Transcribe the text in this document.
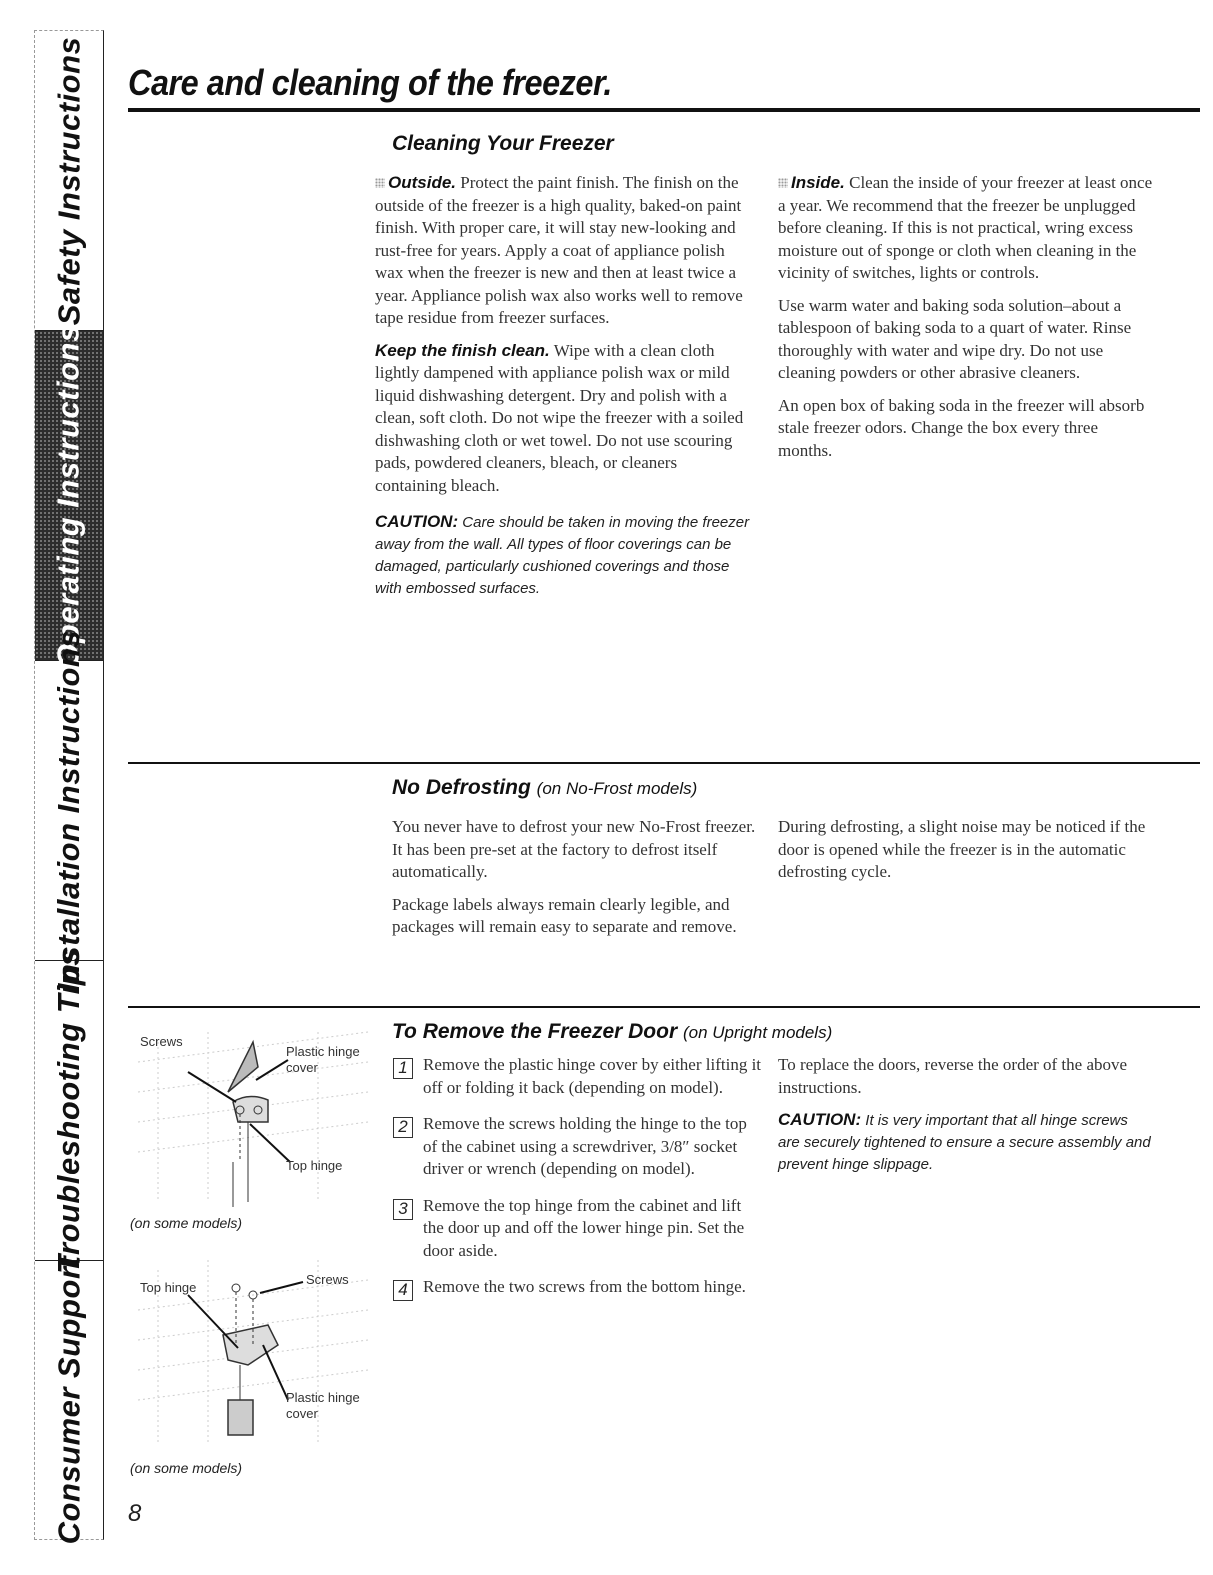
Safety Instructions
Operating Instructions
Installation Instructions
Troubleshooting Tips
Consumer Support
Care and cleaning of the freezer.
Cleaning Your Freezer

Outside. Protect the paint finish. The finish on the outside of the freezer is a high quality, baked-on paint finish. With proper care, it will stay new-looking and rust-free for years. Apply a coat of appliance polish wax when the freezer is new and then at least twice a year. Appliance polish wax also works well to remove tape residue from freezer surfaces.

Keep the finish clean. Wipe with a clean cloth lightly dampened with appliance polish wax or mild liquid dishwashing detergent. Dry and polish with a clean, soft cloth. Do not wipe the freezer with a soiled dishwashing cloth or wet towel. Do not use scouring pads, powdered cleaners, bleach, or cleaners containing bleach.

CAUTION: Care should be taken in moving the freezer away from the wall. All types of floor coverings can be damaged, particularly cushioned coverings and those with embossed surfaces.

Inside. Clean the inside of your freezer at least once a year. We recommend that the freezer be unplugged before cleaning. If this is not practical, wring excess moisture out of sponge or cloth when cleaning in the vicinity of switches, lights or controls.

Use warm water and baking soda solution–about a tablespoon of baking soda to a quart of water. Rinse thoroughly with water and wipe dry. Do not use cleaning powders or other abrasive cleaners.

An open box of baking soda in the freezer will absorb stale freezer odors. Change the box every three months.

No Defrosting (on No-Frost models)

You never have to defrost your new No-Frost freezer. It has been pre-set at the factory to defrost itself automatically.

Package labels always remain clearly legible, and packages will remain easy to separate and remove.

During defrosting, a slight noise may be noticed if the door is opened while the freezer is in the automatic defrosting cycle.

Screws
Plastic hinge
cover
Top hinge
(on some models)
Top hinge
Screws
Plastic hinge
cover
(on some models)
To Remove the Freezer Door (on Upright models)
1 Remove the plastic hinge cover by either lifting it off or folding it back (depending on model).
2 Remove the screws holding the hinge to the top of the cabinet using a screwdriver, 3/8″ socket driver or wrench (depending on model).
3 Remove the top hinge from the cabinet and lift the door up and off the lower hinge pin. Set the door aside.
4 Remove the two screws from the bottom hinge.

To replace the doors, reverse the order of the above instructions.

CAUTION: It is very important that all hinge screws are securely tightened to ensure a secure assembly and prevent hinge slippage.
8
